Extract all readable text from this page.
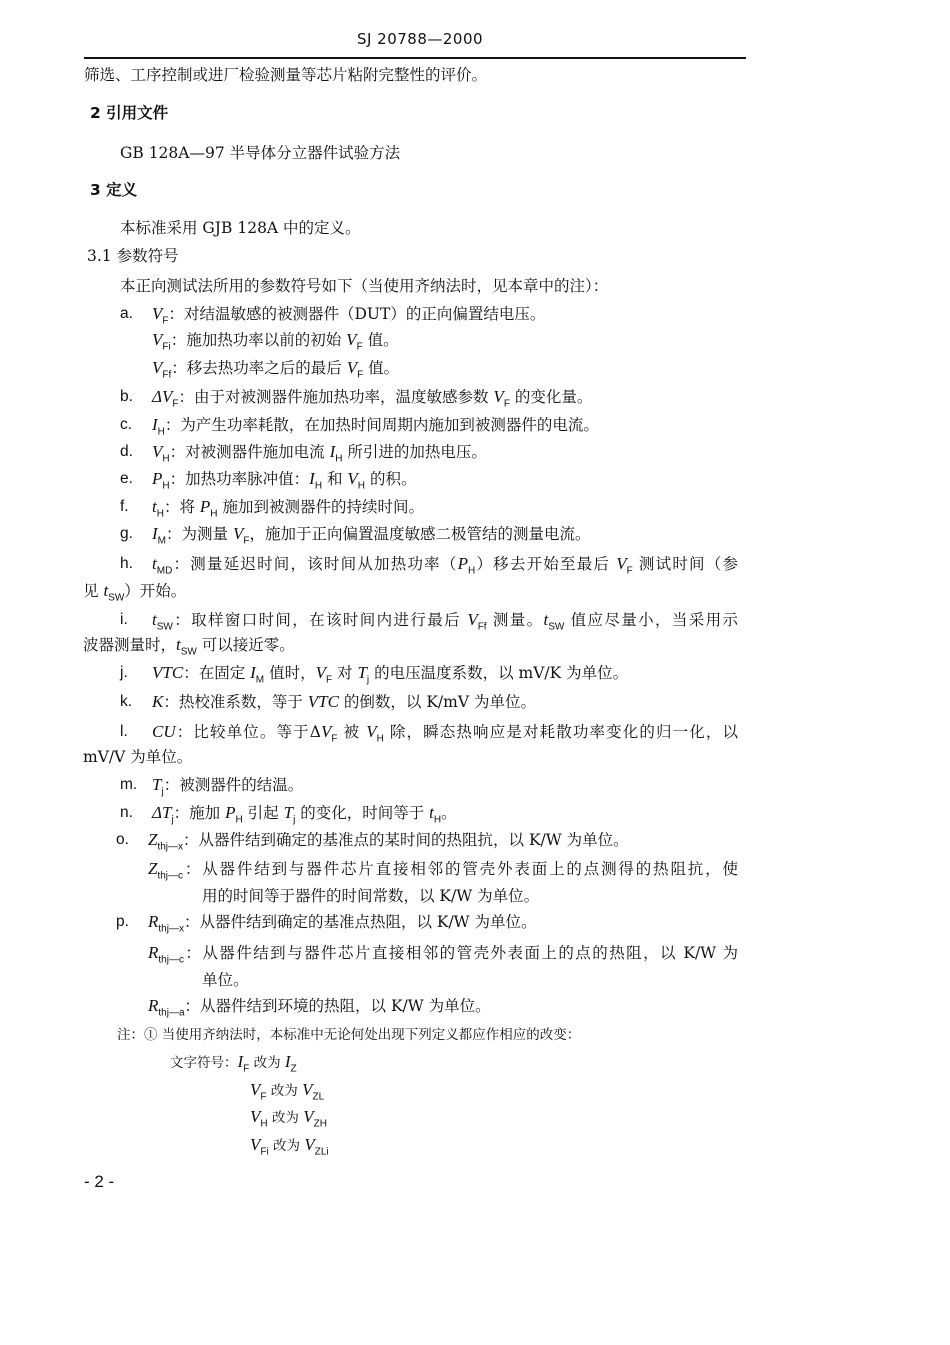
SJ 20788—2000
筛选、工序控制或进厂检验测量等芯片粘附完整性的评价。
2 引用文件
GB 128A—97 半导体分立器件试验方法
3 定义
本标准采用 GJB 128A 中的定义。
3.1 参数符号
本正向测试法所用的参数符号如下（当使用齐纳法时，见本章中的注）：
a. $V_F$：对结温敏感的被测器件（DUT）的正向偏置结电压。
$V_{Fi}$：施加热功率以前的初始 $V_F$ 值。
$V_{Ff}$：移去热功率之后的最后 $V_F$ 值。
b. $\Delta V_F$：由于对被测器件施加热功率，温度敏感参数 $V_F$ 的变化量。
c. $I_H$：为产生功率耗散，在加热时间周期内施加到被测器件的电流。
d. $V_H$：对被测器件施加电流 $I_H$ 所引进的加热电压。
e. $P_H$：加热功率脉冲值：$I_H$ 和 $V_H$ 的积。
f. $t_H$：将 $P_H$ 施加到被测器件的持续时间。
g. $I_M$：为测量 $V_F$，施加于正向偏置温度敏感二极管结的测量电流。
h. $t_{MD}$：测量延迟时间，该时间从加热功率$(P_H)$移去开始至最后 $V_F$ 测试时间（参
见 $t_{SW}$）开始。
i. $t_{SW}$：取样窗口时间，在该时间内进行最后 $V_{Ff}$ 测量。$t_{SW}$ 值应尽量小，当采用示
波器测量时，$t_{SW}$ 可以接近零。
j. VTC：在固定 $I_M$ 值时，$V_F$ 对 $T_j$ 的电压温度系数，以 mV/K 为单位。
k. K：热校准系数，等于 VTC 的倒数，以 K/mV 为单位。
l. CU：比较单位。等于$\Delta V_F$ 被 $V_H$ 除，瞬态热响应是对耗散功率变化的归一化，以
mV/V 为单位。
m. $T_j$：被测器件的结温。
n. $\Delta T_j$：施加 $P_H$ 引起 $T_j$ 的变化，时间等于 $t_H$。
o. $Z_{thj—x}$：从器件结到确定的基准点的某时间的热阻抗，以 K/W 为单位。
$Z_{thj—c}$：从器件结到与器件芯片直接相邻的管壳外表面上的点测得的热阻抗，使
用的时间等于器件的时间常数，以 K/W 为单位。
p. $R_{thj—x}$：从器件结到确定的基准点热阻，以 K/W 为单位。
$R_{thj—c}$：从器件结到与器件芯片直接相邻的管壳外表面上的点的热阻，以 K/W 为
单位。
$R_{thj—a}$：从器件结到环境的热阻，以 K/W 为单位。
注：① 当使用齐纳法时，本标准中无论何处出现下列定义都应作相应的改变：
文字符号：$I_F$ 改为 $I_Z$
$V_F$ 改为 $V_{ZL}$
$V_H$ 改为 $V_{ZH}$
$V_{Fi}$ 改为 $V_{ZLi}$
- 2 -
